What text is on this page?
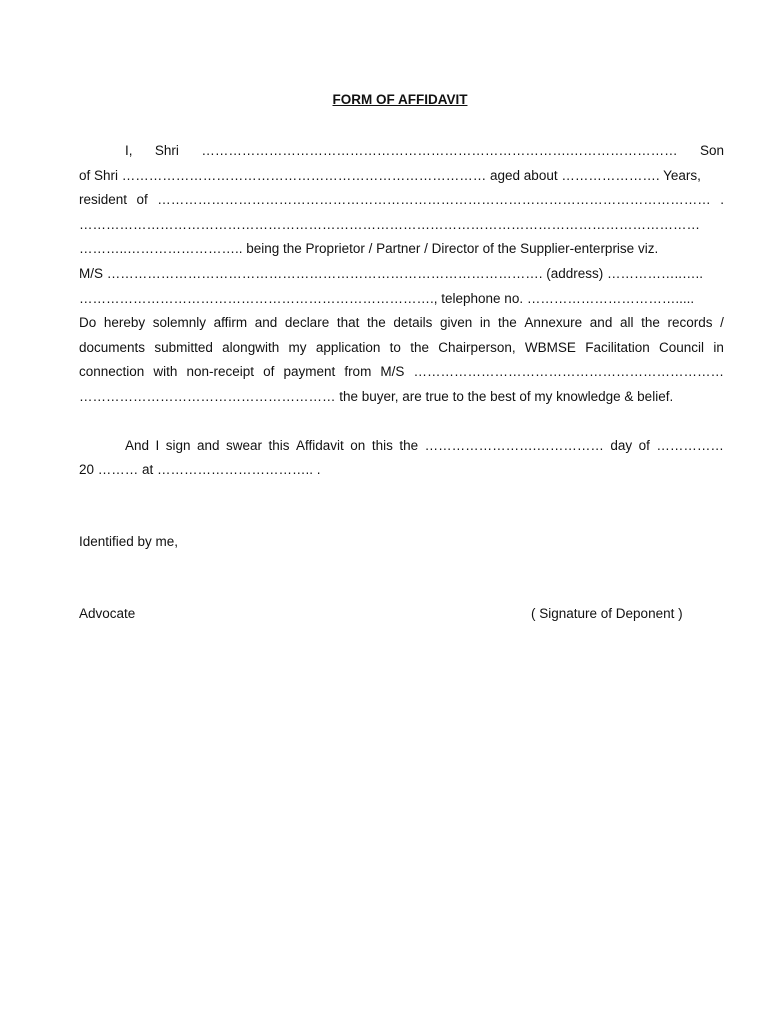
FORM OF AFFIDAVIT
I, Shri ……………………………………………………………………….…………………… Son
of Shri ……………………………………………………………………… aged about …………………. Years,
resident of …………………………………………………………………………………………………………… .
…………………………………………………………………………………………………………………………
………..…………………….. being the Proprietor / Partner / Director of the Supplier-enterprise viz.
M/S ……………………………………………………………………………………. (address) ……………..…..
……………………………………………………………………., telephone no. …………………………….....
Do hereby solemnly affirm and declare that the details given in the Annexure and all the records /
documents submitted alongwith my application to the Chairperson, WBMSE Facilitation Council in
connection with non-receipt of payment from M/S ……………………………………………………………
………………………………………………… the buyer, are true to the best of my knowledge & belief.
And I sign and swear this Affidavit on this the …………………….…………… day of ……………
20 ……… at …………………………….. .
Identified by me,
Advocate	( Signature of Deponent )
